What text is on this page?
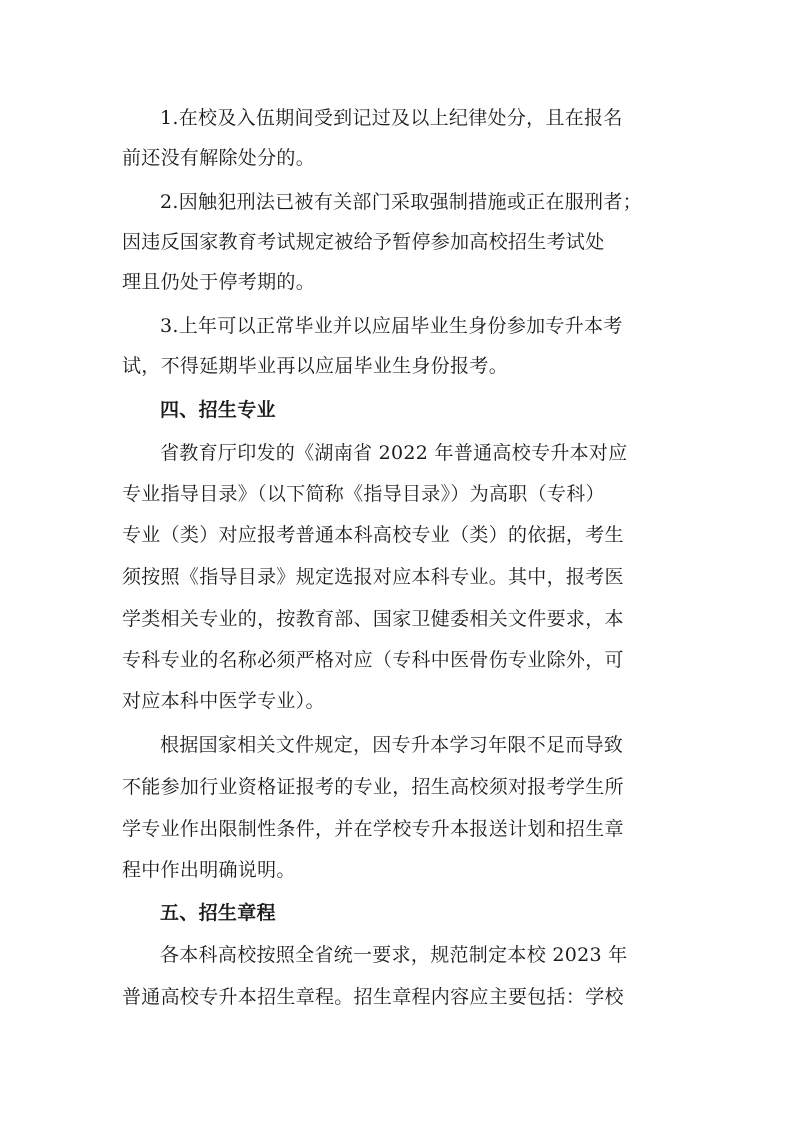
1.在校及入伍期间受到记过及以上纪律处分，且在报名
前还没有解除处分的。
2.因触犯刑法已被有关部门采取强制措施或正在服刑者；
因违反国家教育考试规定被给予暂停参加高校招生考试处
理且仍处于停考期的。
3.上年可以正常毕业并以应届毕业生身份参加专升本考
试，不得延期毕业再以应届毕业生身份报考。
四、招生专业
省教育厅印发的《湖南省 2022 年普通高校专升本对应
专业指导目录》（以下简称《指导目录》）为高职（专科）
专业（类）对应报考普通本科高校专业（类）的依据，考生
须按照《指导目录》规定选报对应本科专业。其中，报考医
学类相关专业的，按教育部、国家卫健委相关文件要求，本
专科专业的名称必须严格对应（专科中医骨伤专业除外，可
对应本科中医学专业）。
根据国家相关文件规定，因专升本学习年限不足而导致
不能参加行业资格证报考的专业，招生高校须对报考学生所
学专业作出限制性条件，并在学校专升本报送计划和招生章
程中作出明确说明。
五、招生章程
各本科高校按照全省统一要求，规范制定本校 2023 年
普通高校专升本招生章程。招生章程内容应主要包括：学校
